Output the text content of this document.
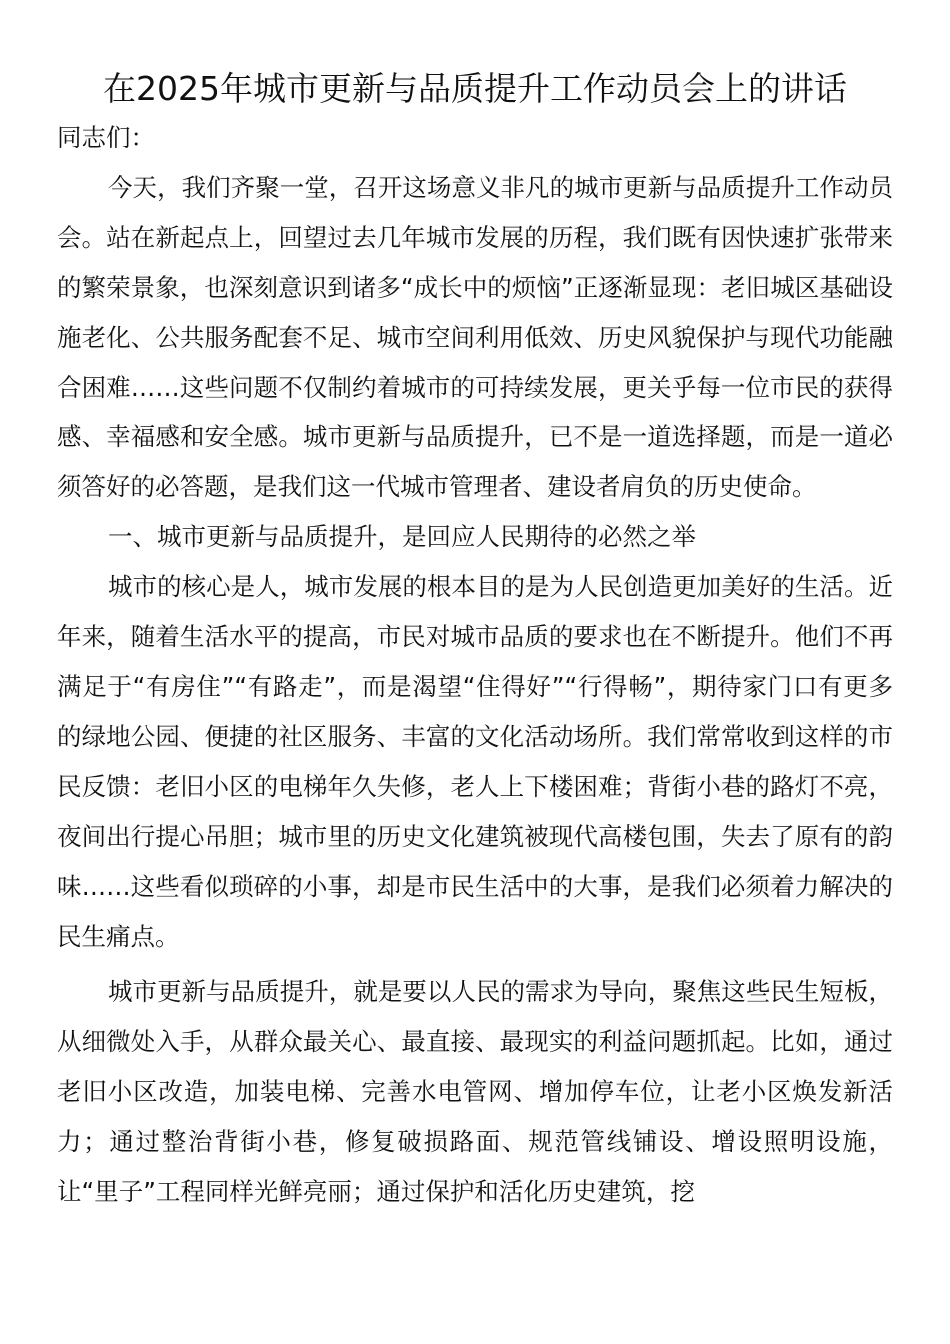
在2025年城市更新与品质提升工作动员会上的讲话

同志们：

今天，我们齐聚一堂，召开这场意义非凡的城市更新与品质提升工作动员会。站在新起点上，回望过去几年城市发展的历程，我们既有因快速扩张带来的繁荣景象，也深刻意识到诸多“成长中的烦恼”正逐渐显现：老旧城区基础设施老化、公共服务配套不足、城市空间利用低效、历史风貌保护与现代功能融合困难……这些问题不仅制约着城市的可持续发展，更关乎每一位市民的获得感、幸福感和安全感。城市更新与品质提升，已不是一道选择题，而是一道必须答好的必答题，是我们这一代城市管理者、建设者肩负的历史使命。

一、城市更新与品质提升，是回应人民期待的必然之举

城市的核心是人，城市发展的根本目的是为人民创造更加美好的生活。近年来，随着生活水平的提高，市民对城市品质的要求也在不断提升。他们不再满足于“有房住”“有路走”，而是渴望“住得好”“行得畅”，期待家门口有更多的绿地公园、便捷的社区服务、丰富的文化活动场所。我们常常收到这样的市民反馈：老旧小区的电梯年久失修，老人上下楼困难；背街小巷的路灯不亮，夜间出行提心吊胆；城市里的历史文化建筑被现代高楼包围，失去了原有的韵味……这些看似琐碎的小事，却是市民生活中的大事，是我们必须着力解决的民生痛点。

城市更新与品质提升，就是要以人民的需求为导向，聚焦这些民生短板，从细微处入手，从群众最关心、最直接、最现实的利益问题抓起。比如，通过老旧小区改造，加装电梯、完善水电管网、增加停车位，让老小区焕发新活力；通过整治背街小巷，修复破损路面、规范管线铺设、增设照明设施，让“里子”工程同样光鲜亮丽；通过保护和活化历史建筑，挖
